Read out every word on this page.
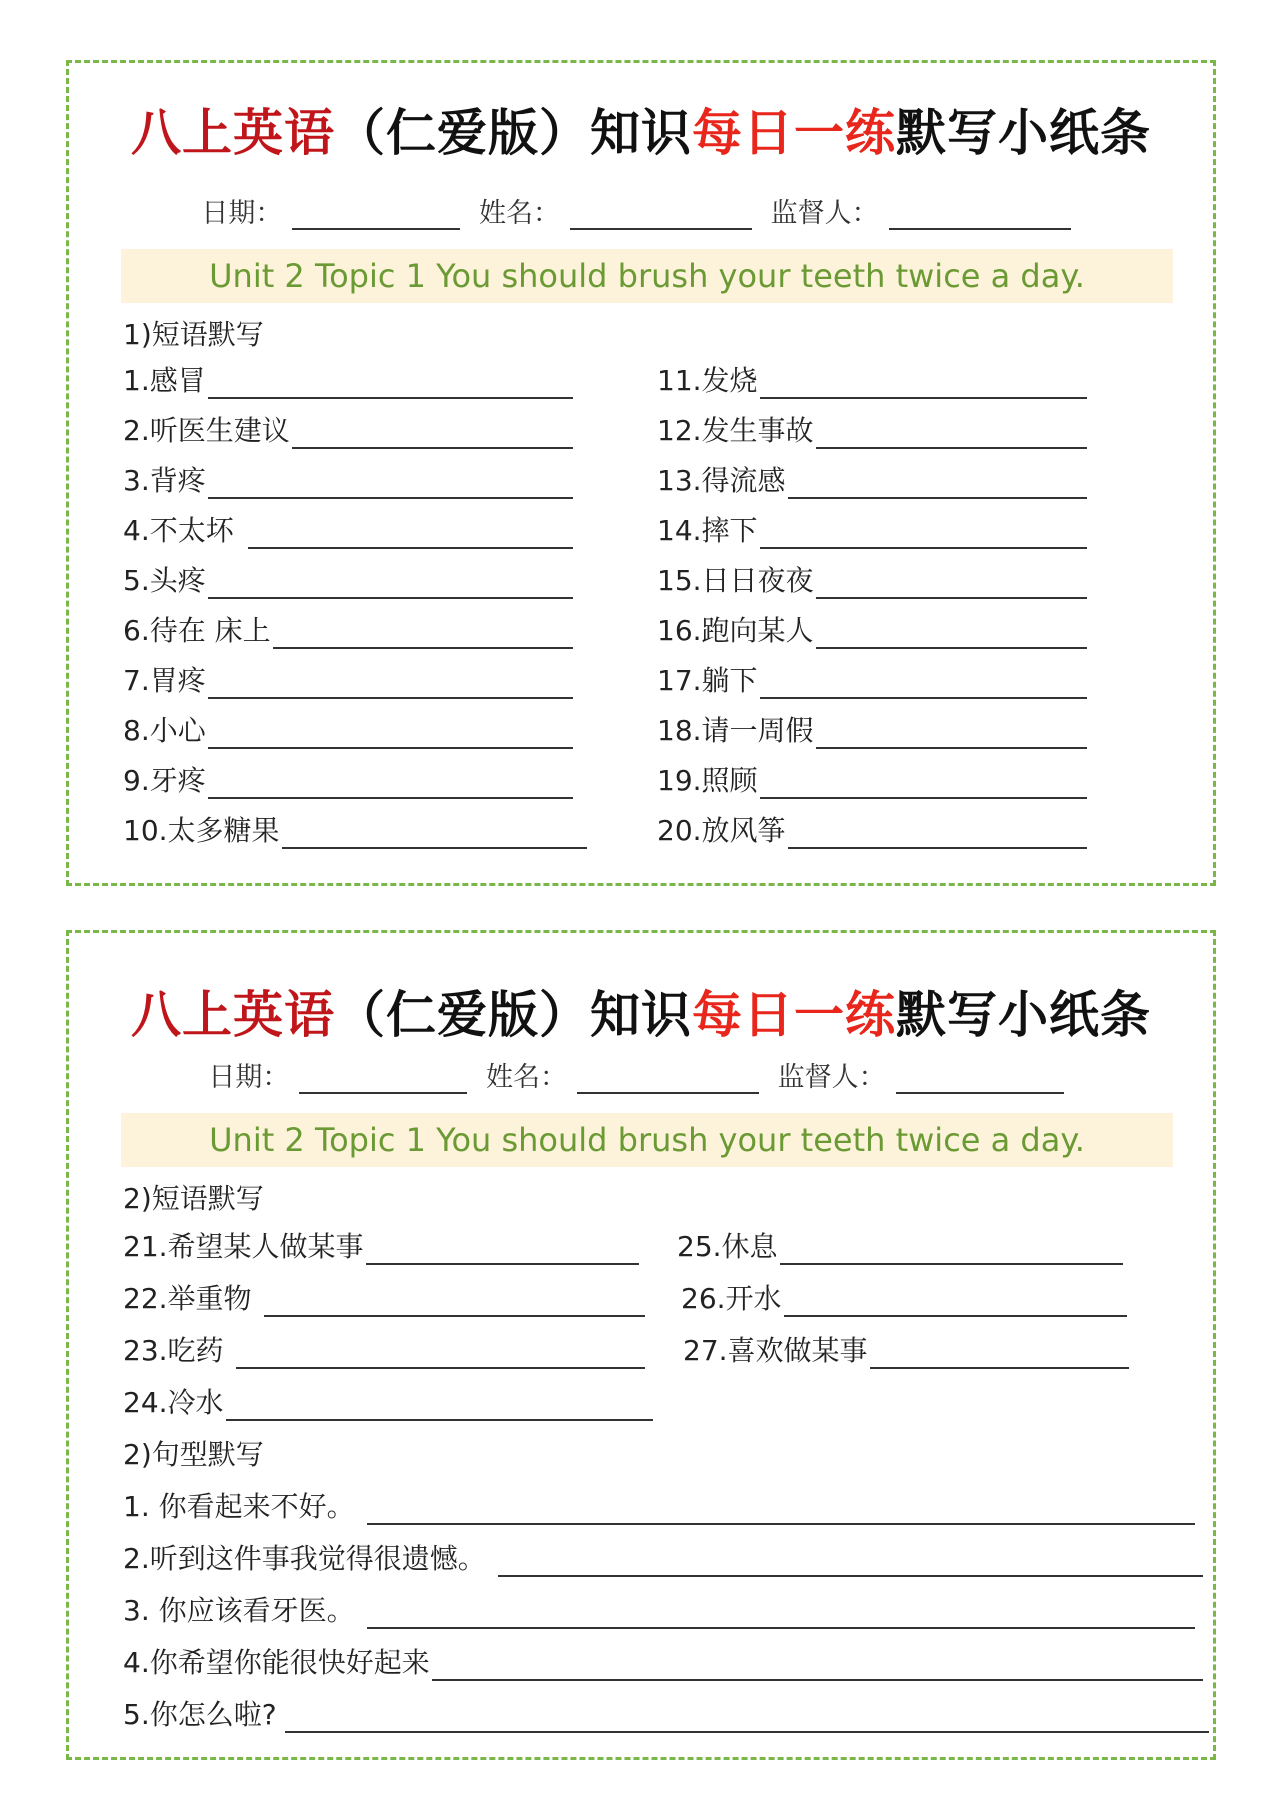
八上英语（仁爱版）知识每日一练默写小纸条
日期：	姓名：	监督人：
Unit 2 Topic 1 You should brush your teeth twice a day.
1)短语默写
1.感冒
2.听医生建议
3.背疼
4.不太坏
5.头疼
6.待在 床上
7.胃疼
8.小心
9.牙疼
10.太多糖果
11.发烧
12.发生事故
13.得流感
14.摔下
15.日日夜夜
16.跑向某人
17.躺下
18.请一周假
19.照顾
20.放风筝
八上英语（仁爱版）知识每日一练默写小纸条
日期：	姓名：	监督人：
Unit 2 Topic 1 You should brush your teeth twice a day.
2)短语默写
21.希望某人做某事
22.举重物
23.吃药
24.冷水
25.休息
26.开水
27.喜欢做某事
2)句型默写
1. 你看起来不好。
2.听到这件事我觉得很遗憾。
3. 你应该看牙医。
4.你希望你能很快好起来
5.你怎么啦?
